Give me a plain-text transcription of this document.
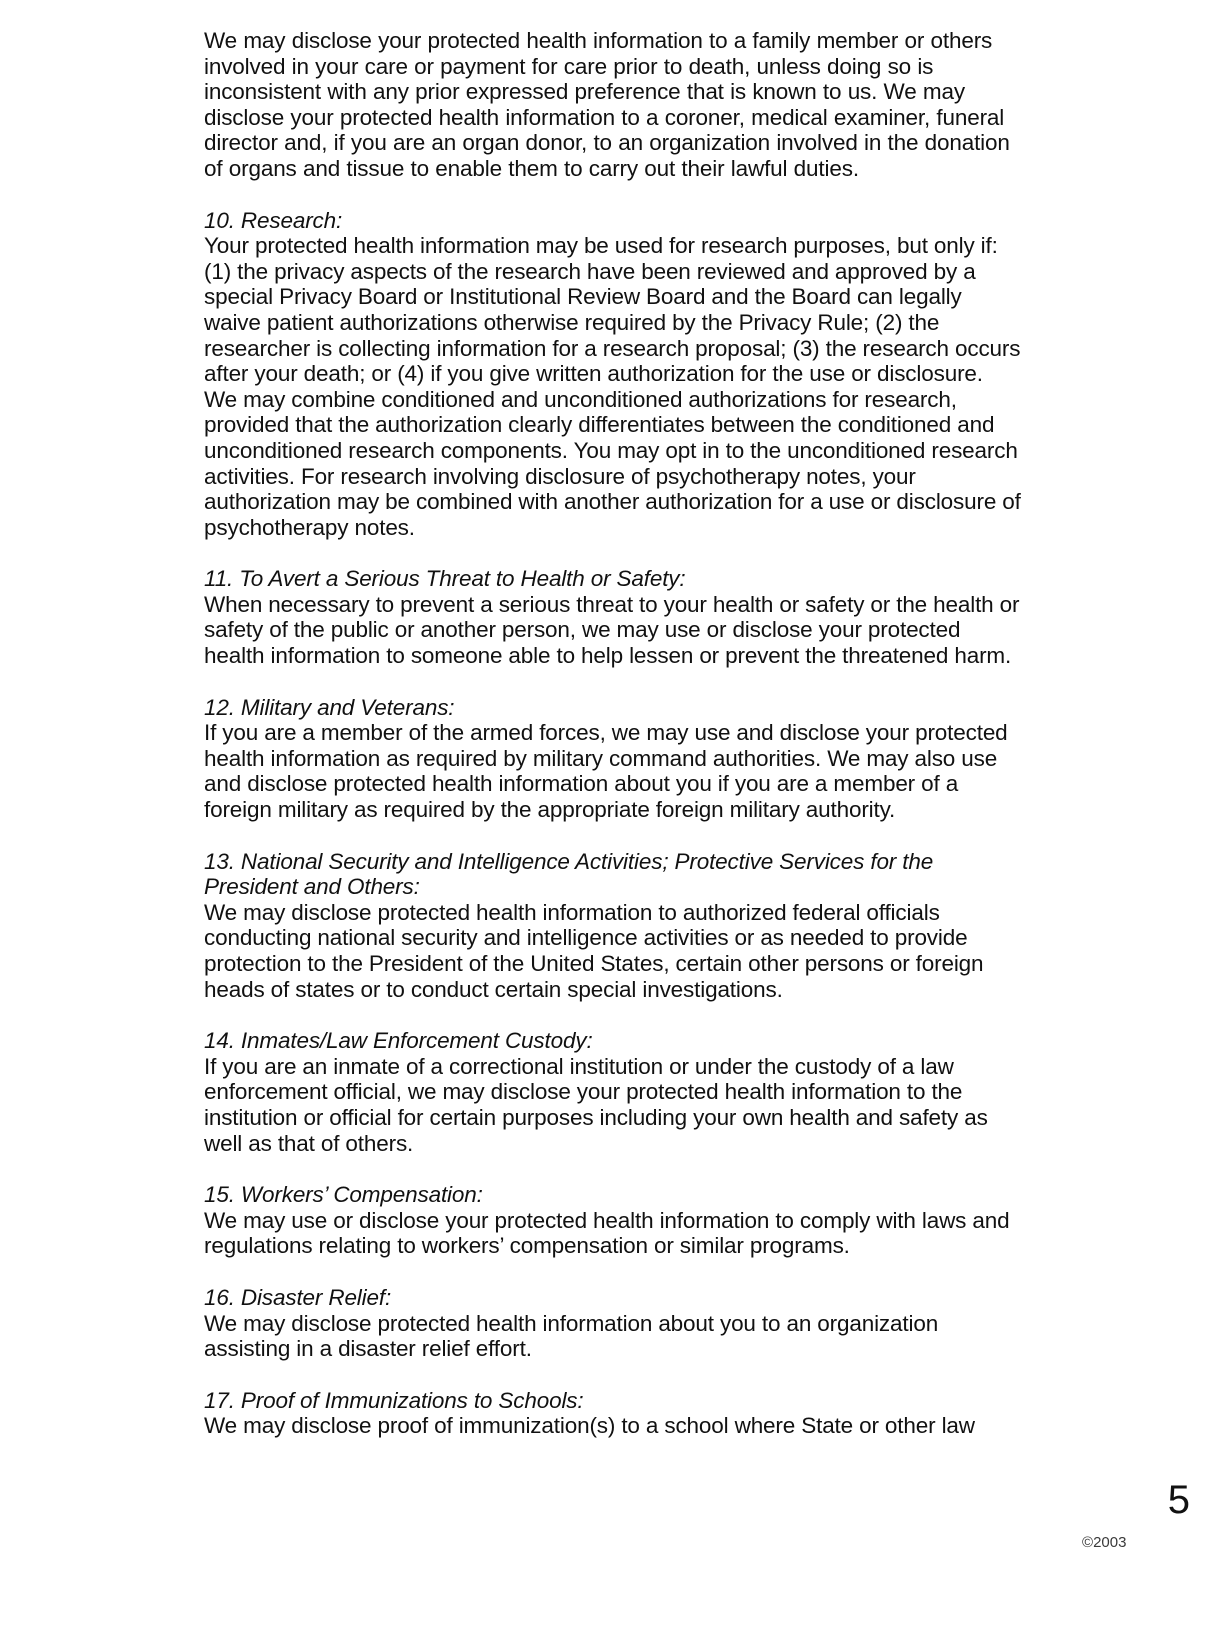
We may disclose your protected health information to a family member or others involved in your care or payment for care prior to death, unless doing so is inconsistent with any prior expressed preference that is known to us. We may disclose your protected health information to a coroner, medical examiner, funeral director and, if you are an organ donor, to an organization involved in the donation of organs and tissue to enable them to carry out their lawful duties.

10. Research:

Your protected health information may be used for research purposes, but only if: (1) the privacy aspects of the research have been reviewed and approved by a special Privacy Board or Institutional Review Board and the Board can legally waive patient authorizations otherwise required by the Privacy Rule; (2) the researcher is collecting information for a research proposal; (3) the research occurs after your death; or (4) if you give written authorization for the use or disclosure. We may combine conditioned and unconditioned authorizations for research, provided that the authorization clearly differentiates between the conditioned and unconditioned research components. You may opt in to the unconditioned research activities. For research involving disclosure of psychotherapy notes, your authorization may be combined with another authorization for a use or disclosure of psychotherapy notes.

11. To Avert a Serious Threat to Health or Safety:

When necessary to prevent a serious threat to your health or safety or the health or safety of the public or another person, we may use or disclose your protected health information to someone able to help lessen or prevent the threatened harm.

12. Military and Veterans:

If you are a member of the armed forces, we may use and disclose your protected health information as required by military command authorities. We may also use and disclose protected health information about you if you are a member of a foreign military as required by the appropriate foreign military authority.

13. National Security and Intelligence Activities; Protective Services for the President and Others:

We may disclose protected health information to authorized federal officials conducting national security and intelligence activities or as needed to provide protection to the President of the United States, certain other persons or foreign heads of states or to conduct certain special investigations.

14. Inmates/Law Enforcement Custody:

If you are an inmate of a correctional institution or under the custody of a law enforcement official, we may disclose your protected health information to the institution or official for certain purposes including your own health and safety as well as that of others.

15. Workers’ Compensation:

We may use or disclose your protected health information to comply with laws and regulations relating to workers’ compensation or similar programs.

16. Disaster Relief:

We may disclose protected health information about you to an organization assisting in a disaster relief effort.

17. Proof of Immunizations to Schools:

We may disclose proof of immunization(s) to a school where State or other law

5
©2003
